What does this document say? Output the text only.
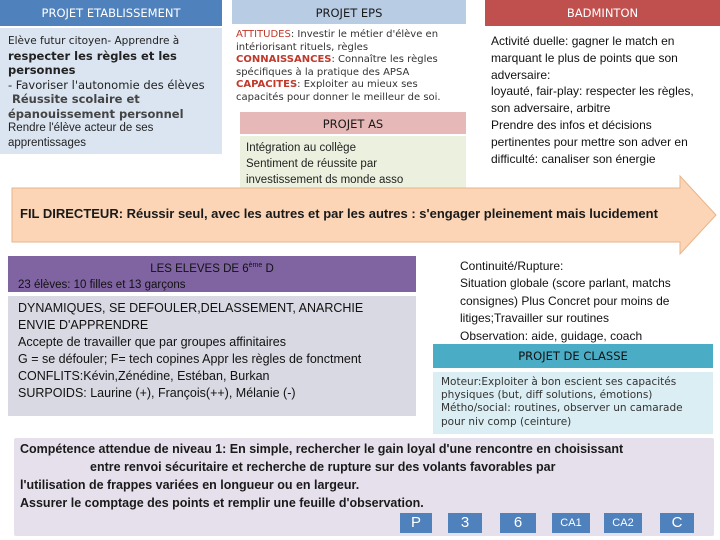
PROJET ETABLISSEMENT

Elève futur citoyen- Apprendre à

respecter les règles et les

personnes

- Favoriser l'autonomie des élèves

Réussite scolaire et

épanouissement personnel

Rendre l'élève acteur de ses

apprentissages

PROJET EPS
ATTITUDES: Investir le métier d'élève en intériorisant rituels, règles
CONNAISSANCES: Connaître les règles spécifiques à la pratique des APSA
CAPACITES: Exploiter au mieux ses capacités pour donner le meilleur de soi.
PROJET AS
Intégration au collège
Sentiment de réussite par
investissement ds monde asso
BADMINTON
Activité duelle: gagner le match en
marquant le plus de points que son
adversaire:
loyauté, fair-play: respecter les règles,
son adversaire, arbitre
Prendre des infos et décisions
pertinentes pour mettre son adver en
difficulté: canaliser son énergie
FIL DIRECTEUR: Réussir seul, avec les autres et par les autres : s'engager pleinement mais lucidement
LES ELEVES DE 6ème D
23 élèves: 10 filles et 13 garçons
DYNAMIQUES, SE DEFOULER,DELASSEMENT, ANARCHIE
ENVIE D'APPRENDRE
Accepte de travailler que par groupes affinitaires
G = se défouler; F= tech copines Appr les règles de fonctment
CONFLITS:Kévin,Zénédine, Estéban, Burkan
SURPOIDS: Laurine (+), François(++), Mélanie (-)
Continuité/Rupture:
Situation globale (score parlant, matchs
consignes) Plus Concret pour moins de
litiges;Travailler sur routines
Observation: aide, guidage, coach
PROJET DE CLASSE
Moteur:Exploiter à bon escient ses capacités
physiques (but, diff solutions, émotions)
Métho/social: routines, observer un camarade
pour niv comp (ceinture)
Compétence attendue de niveau 1: En simple, rechercher le gain loyal d'une rencontre en choisissant
entre renvoi sécuritaire et recherche de rupture sur des volants favorables par
l'utilisation de frappes variées en longueur ou en largeur.
Assurer le comptage des points et remplir une feuille d'observation.
P	3	6	CA1	CA2	C
